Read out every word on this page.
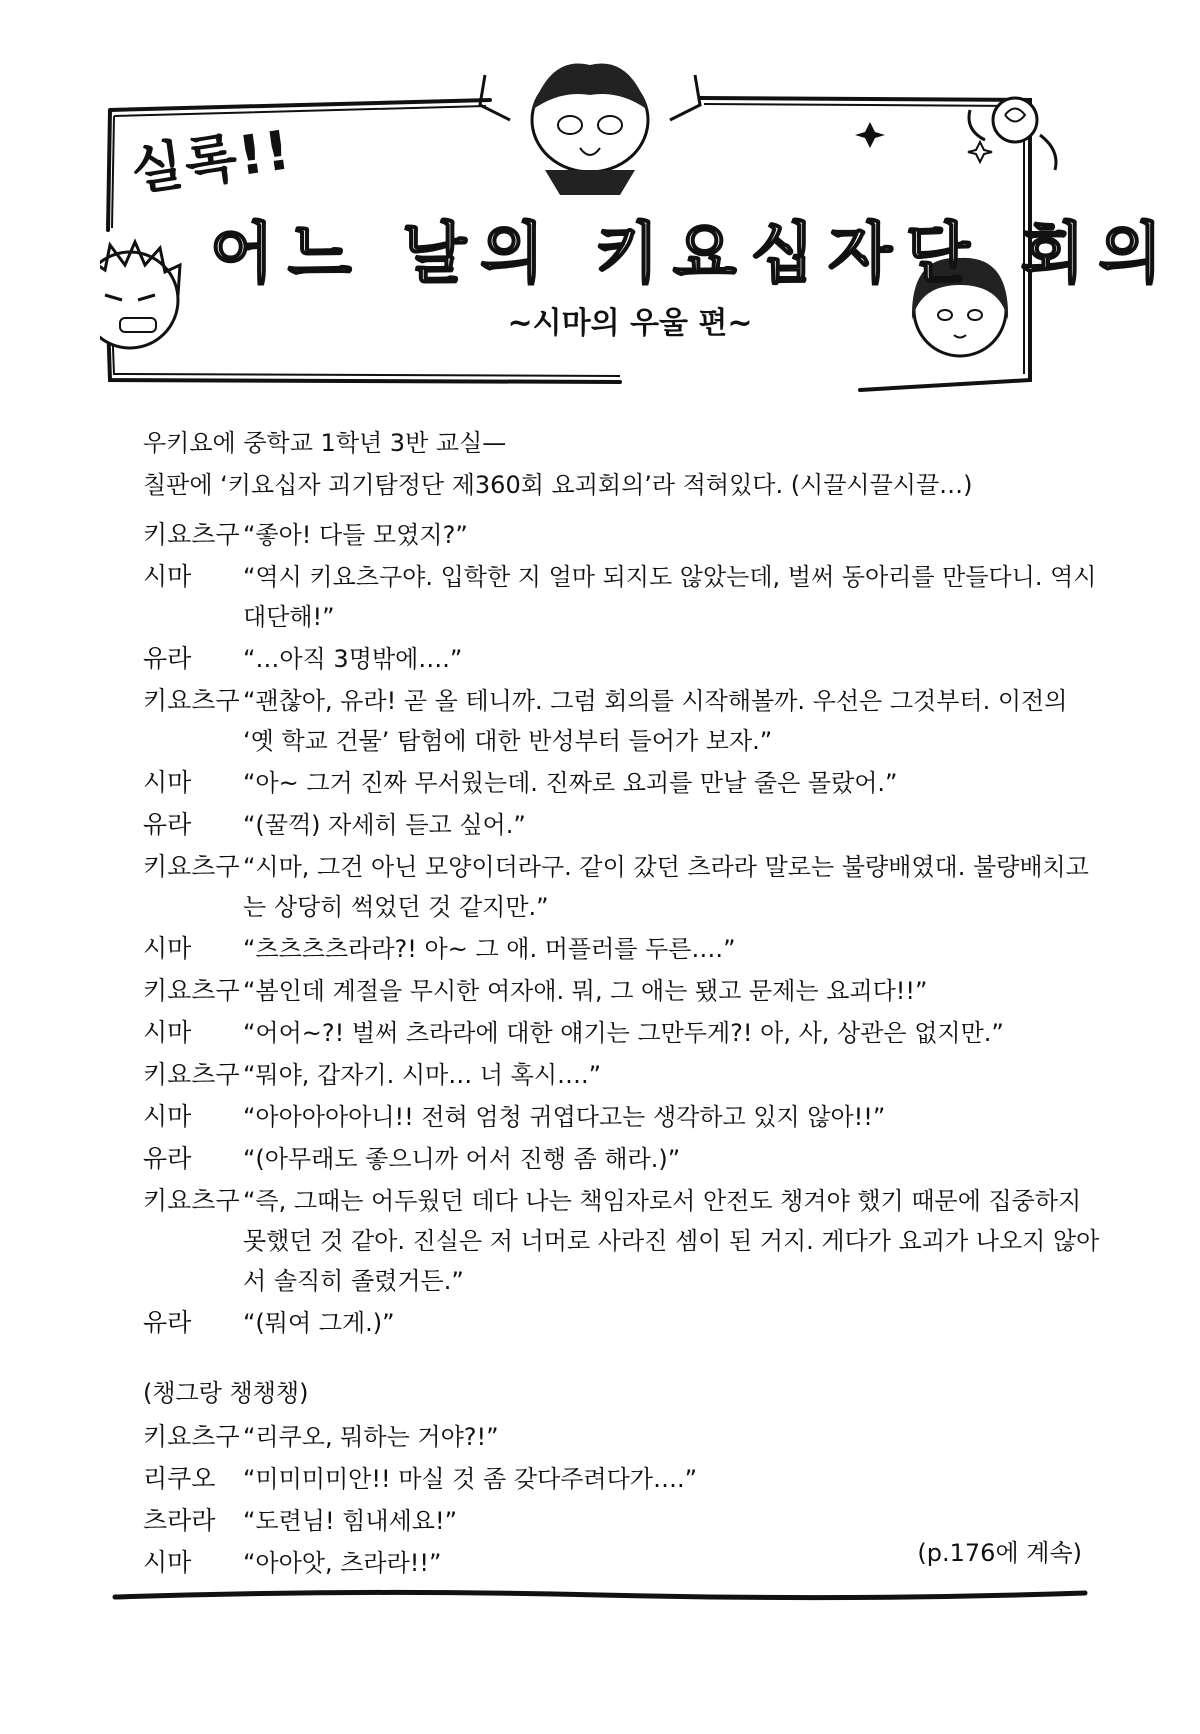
실록!!
어느 날의 키요십자단 회의
~시마의 우울 편~
우키요에 중학교 1학년 3반 교실—
칠판에 ‘키요십자 괴기탐정단 제360회 요괴회의’라 적혀있다. (시끌시끌시끌…)
키요츠구 “좋아! 다들 모였지?”
시마	“역시 키요츠구야. 입학한 지 얼마 되지도 않았는데, 벌써 동아리를 만들다니. 역시 대단해!”
유라	“…아직 3명밖에….”
키요츠구 “괜찮아, 유라! 곧 올 테니까. 그럼 회의를 시작해볼까. 우선은 그것부터. 이전의 ‘옛 학교 건물’ 탐험에 대한 반성부터 들어가 보자.”
시마	“아~ 그거 진짜 무서웠는데. 진짜로 요괴를 만날 줄은 몰랐어.”
유라	“(꿀꺽) 자세히 듣고 싶어.”
키요츠구 “시마, 그건 아닌 모양이더라구. 같이 갔던 츠라라 말로는 불량배였대. 불량배치고는 상당히 썩었던 것 같지만.”
시마	“츠츠츠츠라라?! 아~ 그 애. 머플러를 두른….”
키요츠구 “봄인데 계절을 무시한 여자애. 뭐, 그 애는 됐고 문제는 요괴다!!”
시마	“어어~?! 벌써 츠라라에 대한 얘기는 그만두게?! 아, 사, 상관은 없지만.”
키요츠구 “뭐야, 갑자기. 시마… 너 혹시….”
시마	“아아아아아니!! 전혀 엄청 귀엽다고는 생각하고 있지 않아!!”
유라	“(아무래도 좋으니까 어서 진행 좀 해라.)”
키요츠구 “즉, 그때는 어두웠던 데다 나는 책임자로서 안전도 챙겨야 했기 때문에 집중하지 못했던 것 같아. 진실은 저 너머로 사라진 셈이 된 거지. 게다가 요괴가 나오지 않아서 솔직히 졸렸거든.”
유라	“(뭐여 그게.)”
(챙그랑 챙챙챙)
키요츠구 “리쿠오, 뭐하는 거야?!”
리쿠오	“미미미미안!! 마실 것 좀 갖다주려다가….”
츠라라	“도련님! 힘내세요!”
시마	“아아앗, 츠라라!!”	(p.176에 계속)
